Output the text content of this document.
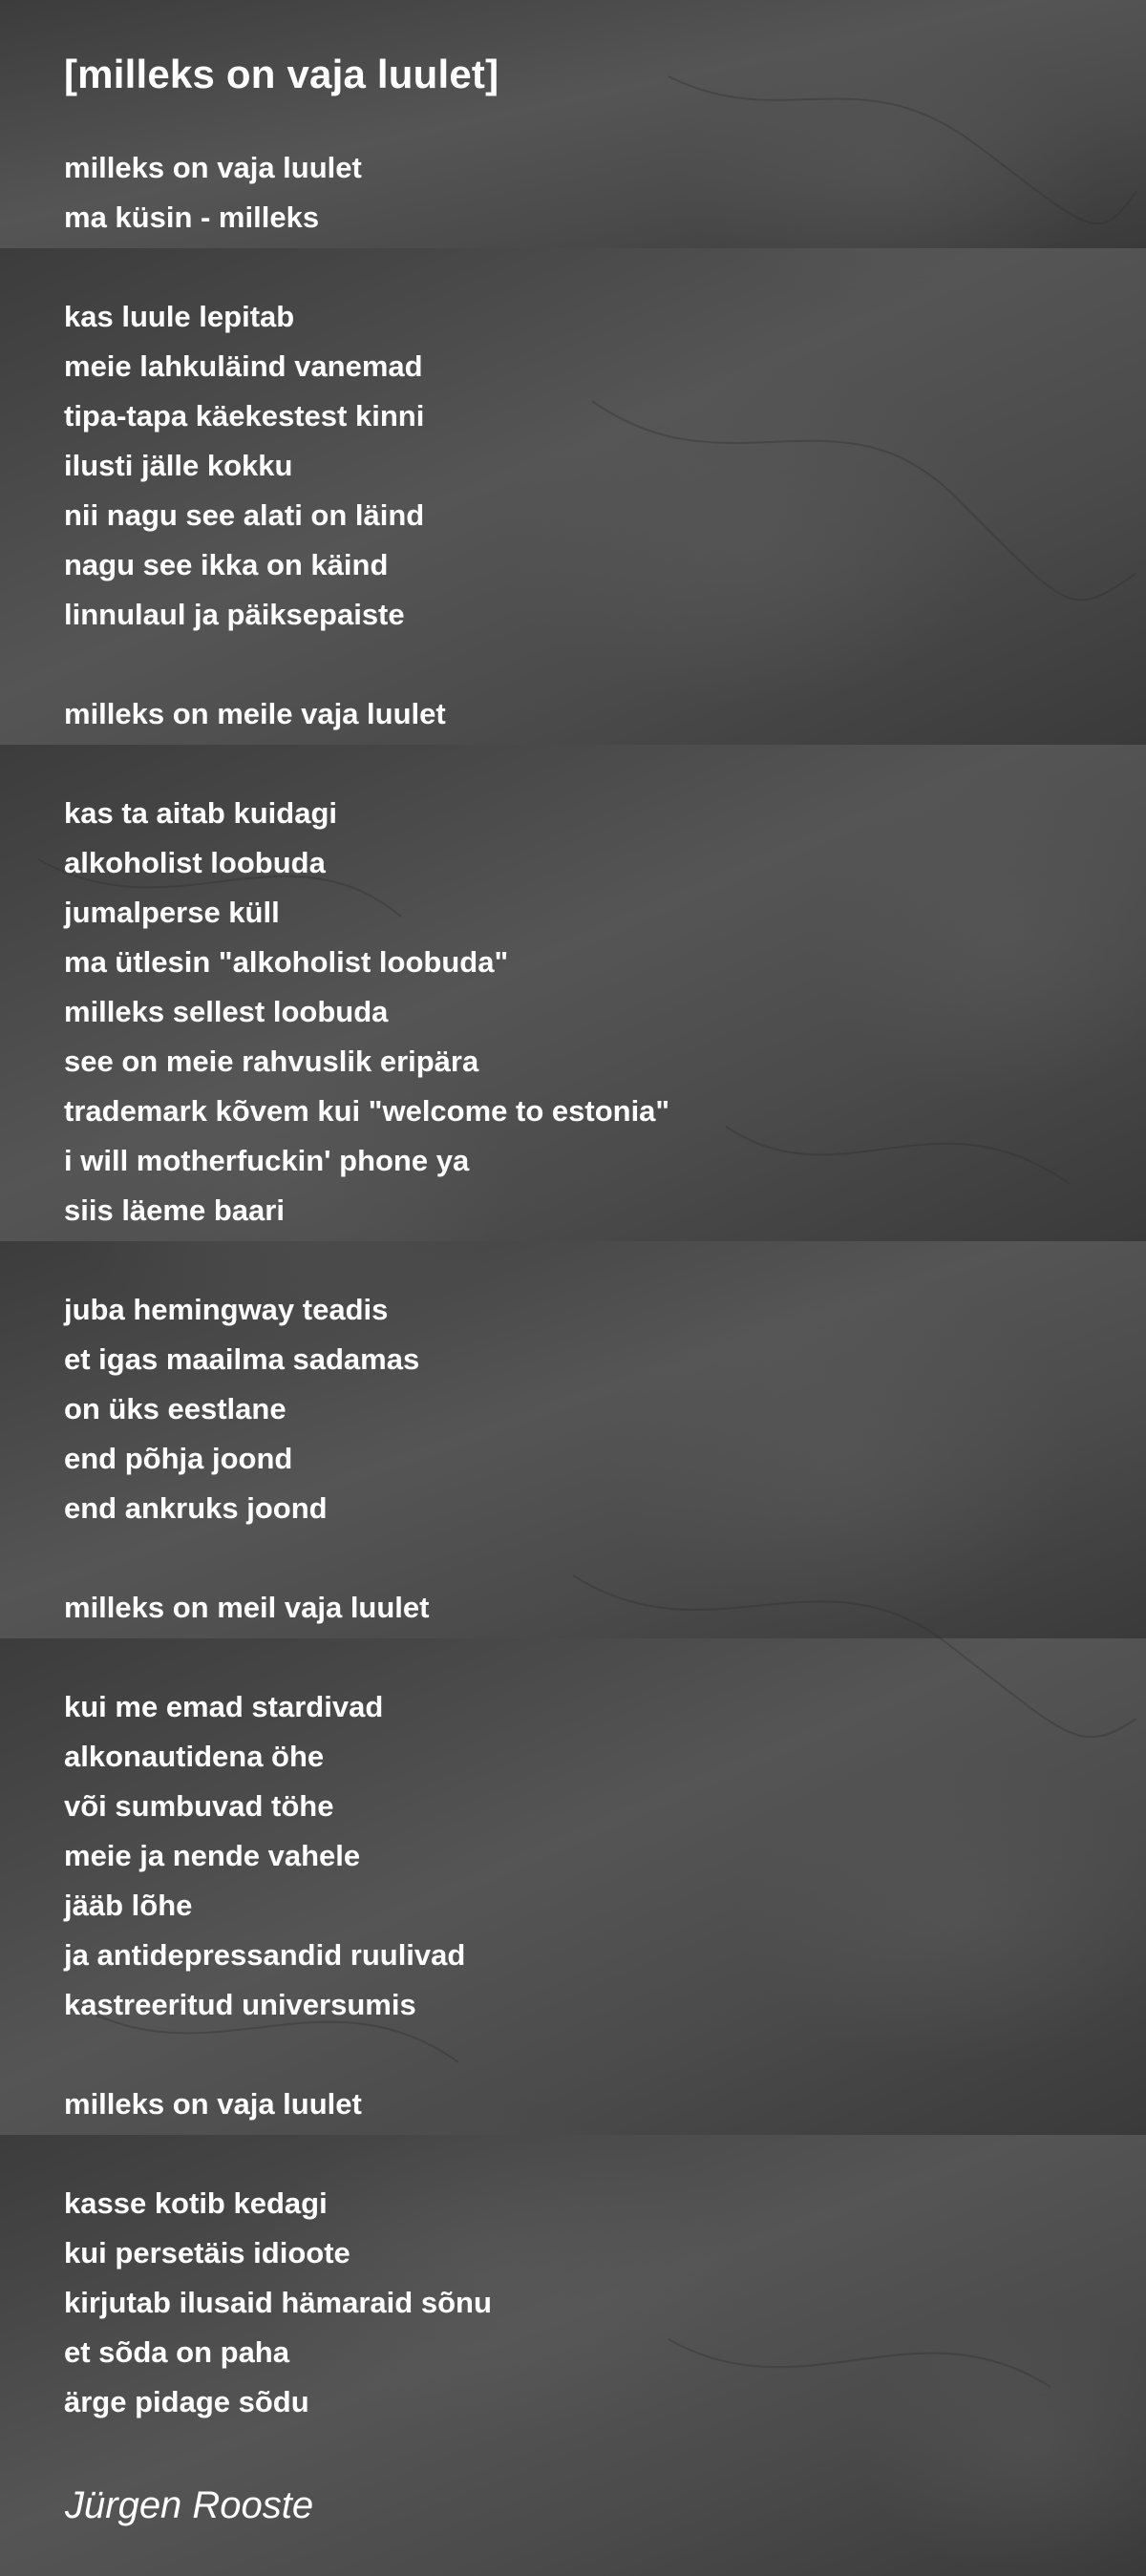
[milleks on vaja luulet]
milleks on vaja luulet
ma küsin - milleks
kas luule lepitab
meie lahkuläind vanemad
tipa-tapa käekestest kinni
ilusti jälle kokku
nii nagu see alati on läind
nagu see ikka on käind
linnulaul ja päiksepaiste
milleks on meile vaja luulet
kas ta aitab kuidagi
alkoholist loobuda
jumalperse küll
ma ütlesin "alkoholist loobuda"
milleks sellest loobuda
see on meie rahvuslik eripära
trademark kõvem kui "welcome to estonia"
i will motherfuckin' phone ya
siis läeme baari
juba hemingway teadis
et igas maailma sadamas
on üks eestlane
end põhja joond
end ankruks joond
milleks on meil vaja luulet
kui me emad stardivad
alkonautidena öhe
või sumbuvad töhe
meie ja nende vahele
jääb lõhe
ja antidepressandid ruulivad
kastreeritud universumis
milleks on vaja luulet
kasse kotib kedagi
kui persetäis idioote
kirjutab ilusaid hämaraid sõnu
et sõda on paha
ärge pidage sõdu
Jürgen Rooste
